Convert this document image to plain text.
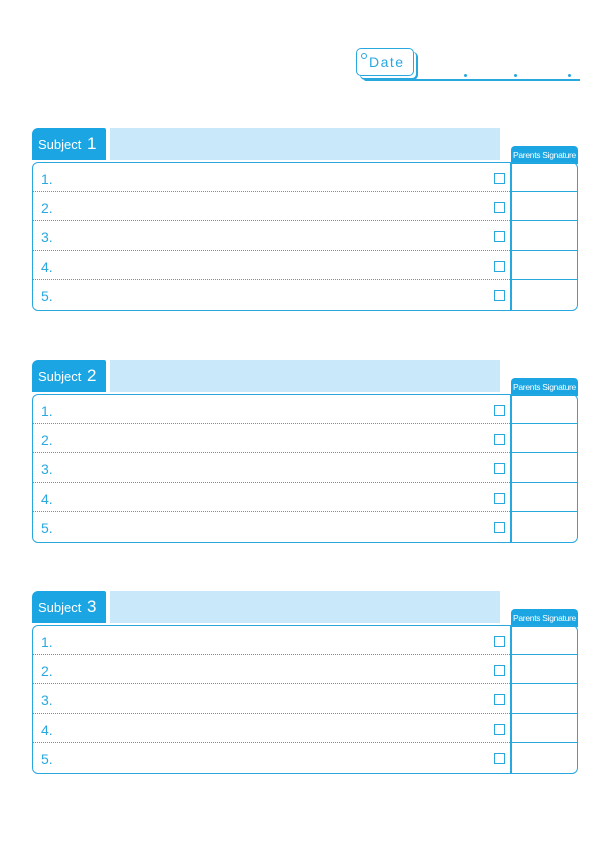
Date
Subject 1
Parents Signature
1.
2.
3.
4.
5.
Subject 2
Parents Signature
1.
2.
3.
4.
5.
Subject 3
Parents Signature
1.
2.
3.
4.
5.
